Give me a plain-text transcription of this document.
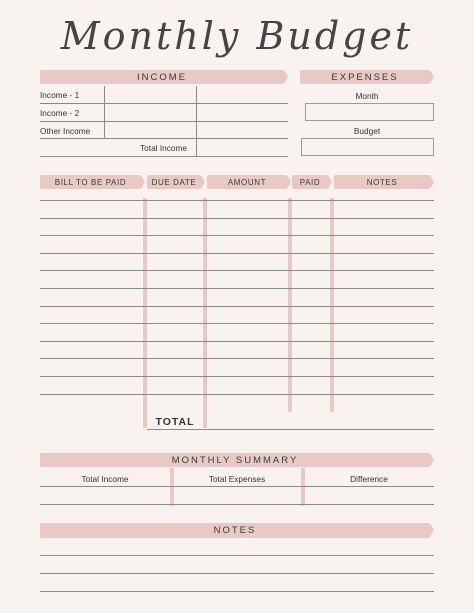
Monthly Budget
INCOME
Income - 1
Income - 2
Other Income
Total Income
EXPENSES
Month
Budget
BILL TO BE PAID	DUE DATE	AMOUNT	PAID	NOTES
TOTAL
MONTHLY SUMMARY
Total Income	Total Expenses	Difference
NOTES
